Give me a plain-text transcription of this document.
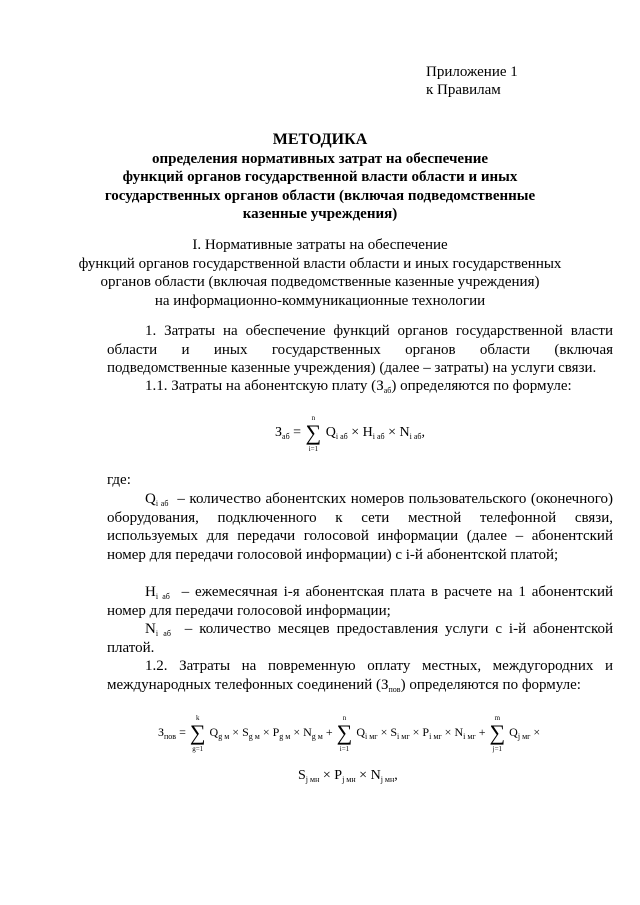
Приложение 1
к Правилам
МЕТОДИКА
определения нормативных затрат на обеспечение
функций органов государственной власти области и иных
государственных органов области (включая подведомственные
казенные учреждения)
I. Нормативные затраты на обеспечение
функций органов государственной власти области и иных государственных
органов области (включая подведомственные казенные учреждения)
на информационно-коммуникационные технологии
1. Затраты на обеспечение функций органов государственной власти области и иных государственных органов области (включая подведомственные казенные учреждения) (далее – затраты) на услуги связи.
1.1. Затраты на абонентскую плату $(З_{аб})$ определяются по формуле:
$З_{аб}$ = ∑
n
i=1
$Q_{i аб} \times H_{i аб} \times N_{i аб}$,
где:
$Q_{i аб}$ – количество абонентских номеров пользовательского (оконечного) оборудования, подключенного к сети местной телефонной связи, используемых для передачи голосовой информации (далее – абонентский номер для передачи голосовой информации) с i-й абонентской платой;
$H_{i аб}$ – ежемесячная i-я абонентская плата в расчете на 1 абонентский номер для передачи голосовой информации;
$N_{i аб}$ – количество месяцев предоставления услуги с i-й абонентской платой.
1.2. Затраты на повременную оплату местных, междугородних и международных телефонных соединений $(З_{пов})$ определяются по формуле:
$З_{пов}$ = ∑
k
g=1
$Q_{g м} \times S_{g м} \times P_{g м} \times N_{g м}$ + ∑
n
i=1
$Q_{i мг} \times S_{i мг} \times P_{i мг} \times N_{i мг}$ + ∑
m
j=1
$Q_{j мг}$ ×
$S_{j мн} \times P_{j мн} \times N_{j мн}$,
